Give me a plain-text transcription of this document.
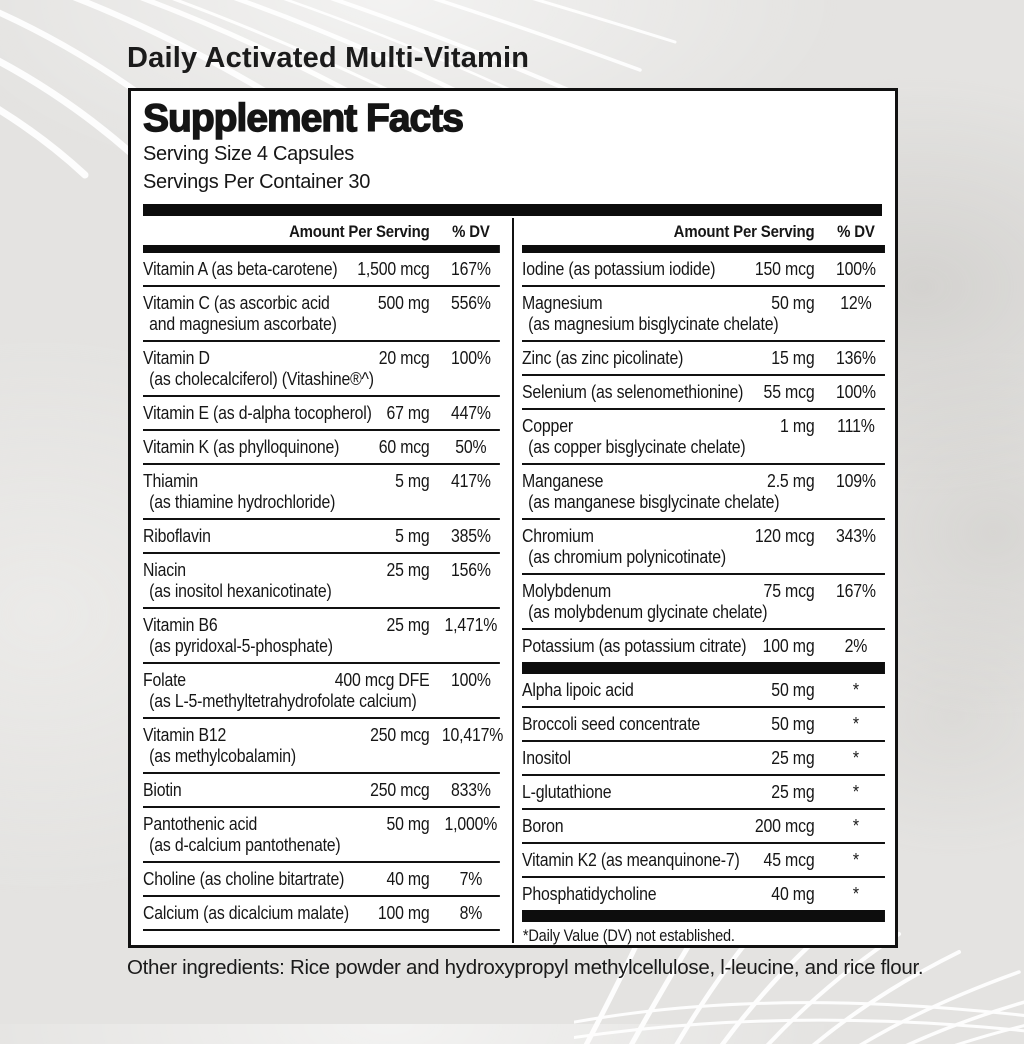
Daily Activated Multi-Vitamin
Supplement Facts
Serving Size 4 Capsules
Servings Per Container 30
Amount Per Serving	% DV
Vitamin A (as beta-carotene)	1,500 mcg	167%
Vitamin C (as ascorbic acid	500 mg	556%
and magnesium ascorbate)
Vitamin D	20 mcg	100%
(as cholecalciferol) (Vitashine®^)
Vitamin E (as d-alpha tocopherol) 67 mg	447%
Vitamin K (as phylloquinone)	60 mcg	50%
Thiamin	5 mg	417%
(as thiamine hydrochloride)
Riboflavin	5 mg	385%
Niacin	25 mg	156%
(as inositol hexanicotinate)
Vitamin B6	25 mg 1,471%
(as pyridoxal-5-phosphate)
Folate	400 mcg DFE	100%
(as L-5-methyltetrahydrofolate calcium)
Vitamin B12	250 mcg 10,417%
(as methylcobalamin)
Biotin	250 mcg	833%
Pantothenic acid	50 mg 1,000%
(as d-calcium pantothenate)
Choline (as choline bitartrate)	40 mg	7%
Calcium (as dicalcium malate)	100 mg	8%
Amount Per Serving	% DV
Iodine (as potassium iodide)	150 mcg	100%
Magnesium	50 mg	12%
(as magnesium bisglycinate chelate)
Zinc (as zinc picolinate)	15 mg	136%
Selenium (as selenomethionine)	55 mcg	100%
Copper	1 mg	111%
(as copper bisglycinate chelate)
Manganese	2.5 mg	109%
(as manganese bisglycinate chelate)
Chromium	120 mcg	343%
(as chromium polynicotinate)
Molybdenum	75 mcg	167%
(as molybdenum glycinate chelate)
Potassium (as potassium citrate) 100 mg	2%
Alpha lipoic acid	50 mg	*
Broccoli seed concentrate	50 mg	*
Inositol	25 mg	*
L-glutathione	25 mg	*
Boron	200 mcg	*
Vitamin K2 (as meanquinone-7)	45 mcg	*
Phosphatidycholine	40 mg	*
*Daily Value (DV) not established.
Other ingredients: Rice powder and hydroxypropyl methylcellulose, l-leucine, and rice flour.
